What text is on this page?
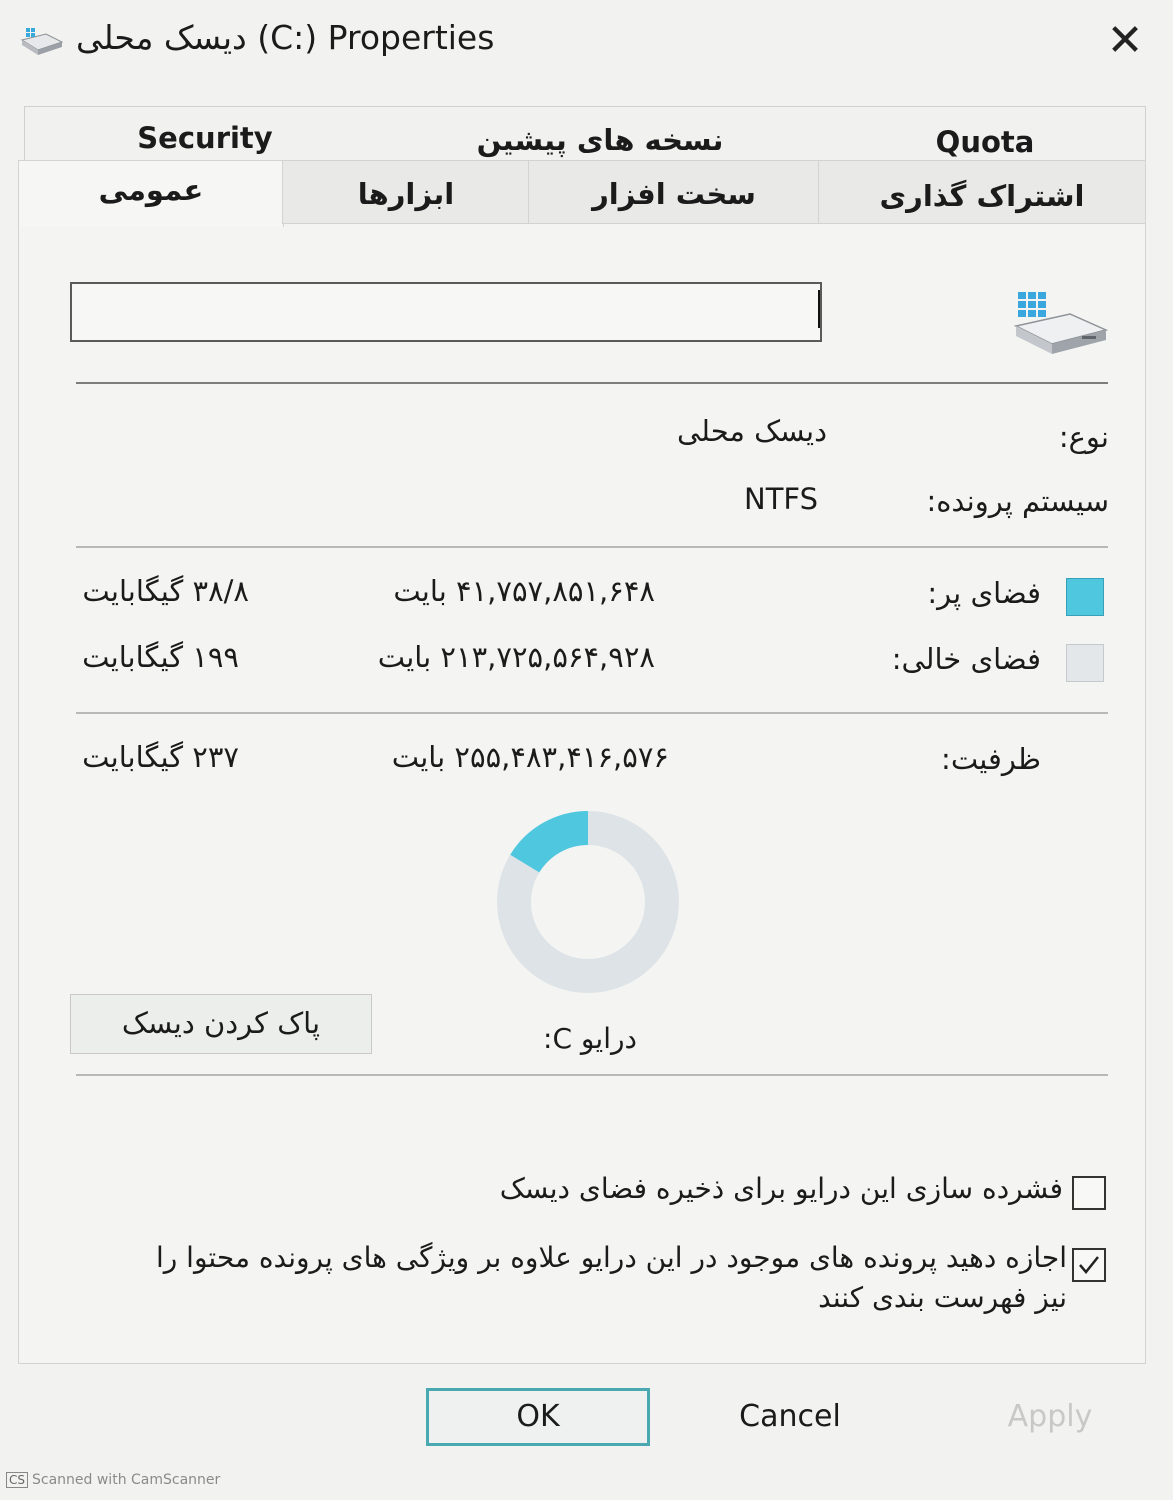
دیسک محلی (C:) Properties	✕
Security	نسخه های پیشین	Quota
عمومی	ابزارها	سخت افزار	اشتراک گذاری
نوع:
دیسک محلی
سیستم پرونده:
NTFS
فضای پر:
۴۱,۷۵۷,۸۵۱,۶۴۸ بایت
۳۸/۸ گیگابایت
فضای خالی:
۲۱۳,۷۲۵,۵۶۴,۹۲۸ بایت
۱۹۹ گیگابایت
ظرفیت:
۲۵۵,۴۸۳,۴۱۶,۵۷۶ بایت
۲۳۷ گیگابایت
پاک کردن دیسک	درایو C:
فشرده سازی این درایو برای ذخیره فضای دیسک
اجازه دهید پرونده های موجود در این درایو علاوه بر ویژگی های پرونده محتوا را نیز فهرست بندی کنند
OK	Cancel	Apply
CS Scanned with CamScanner
